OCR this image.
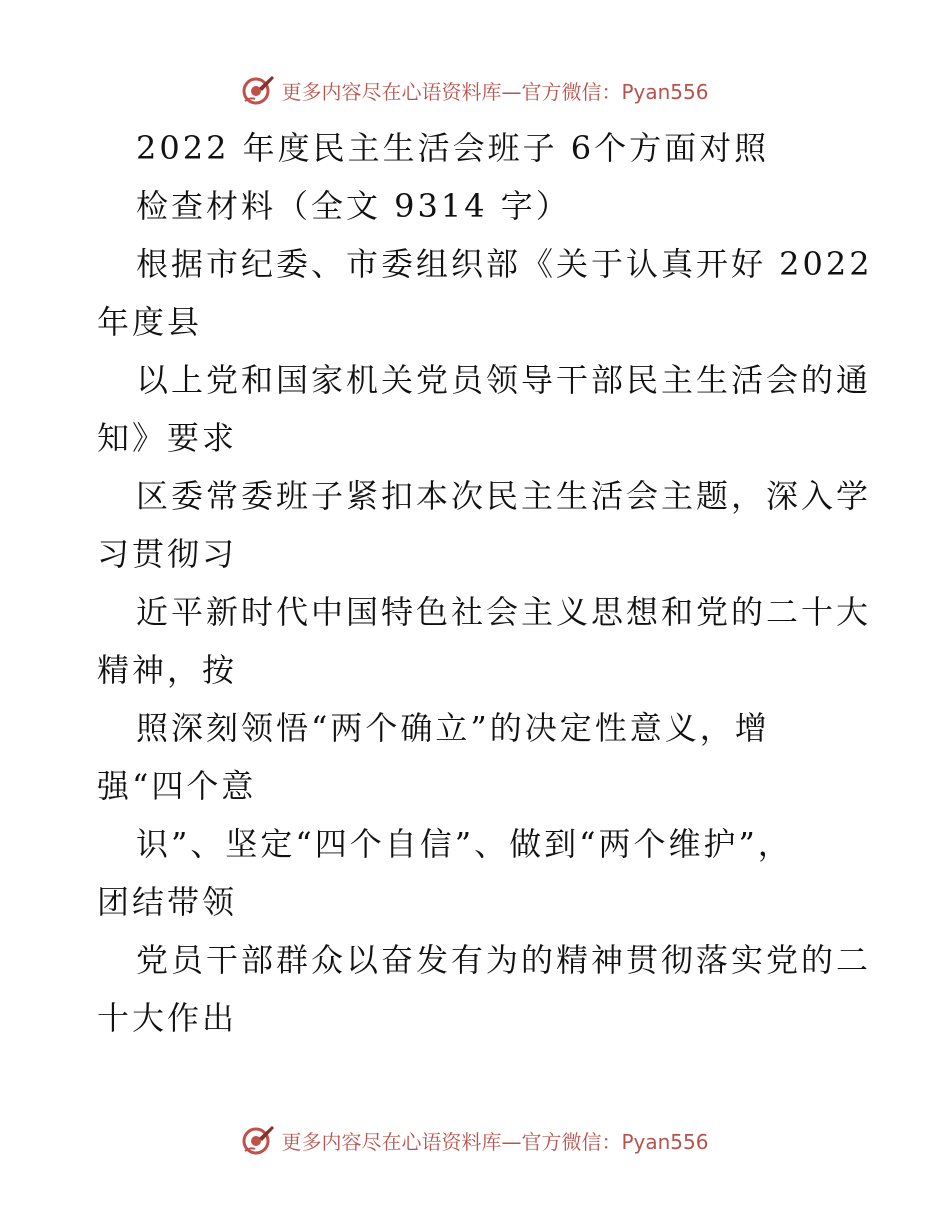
更多内容尽在心语资料库—官方微信：Pyan556
2022 年度民主生活会班子 6个方面对照
检查材料（全文 9314 字）
根据市纪委、市委组织部《关于认真开好 2022
年度县
以上党和国家机关党员领导干部民主生活会的通
知》要求
区委常委班子紧扣本次民主生活会主题，深入学
习贯彻习
近平新时代中国特色社会主义思想和党的二十大
精神，按
照深刻领悟“两个确立”的决定性意义，增
强“四个意
识”、坚定“四个自信”、做到“两个维护”，
团结带领
党员干部群众以奋发有为的精神贯彻落实党的二
十大作出
更多内容尽在心语资料库—官方微信：Pyan556
